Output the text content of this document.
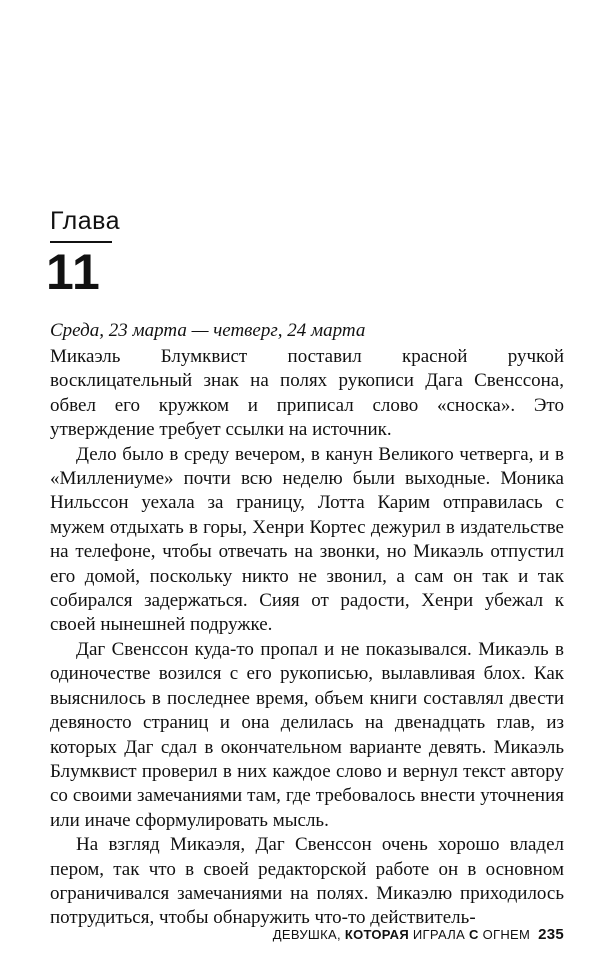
Глава
11
Среда, 23 марта — четверг, 24 марта

Микаэль Блумквист поставил красной ручкой восклицательный знак на полях рукописи Дага Свенссона, обвел его кружком и приписал слово «сноска». Это утверждение требует ссылки на источник.

Дело было в среду вечером, в канун Великого четверга, и в «Миллениуме» почти всю неделю были выходные. Моника Нильссон уехала за границу, Лотта Карим отправилась с мужем отдыхать в горы, Хенри Кортес дежурил в издательстве на телефоне, чтобы отвечать на звонки, но Микаэль отпустил его домой, поскольку никто не звонил, а сам он так и так собирался задержаться. Сияя от радости, Хенри убежал к своей нынешней подружке.

Даг Свенссон куда-то пропал и не показывался. Микаэль в одиночестве возился с его рукописью, вылавливая блох. Как выяснилось в последнее время, объем книги составлял двести девяносто страниц и она делилась на двенадцать глав, из которых Даг сдал в окончательном варианте девять. Микаэль Блумквист проверил в них каждое слово и вернул текст автору со своими замечаниями там, где требовалось внести уточнения или иначе сформулировать мысль.

На взгляд Микаэля, Даг Свенссон очень хорошо владел пером, так что в своей редакторской работе он в основном ограничивался замечаниями на полях. Микаэлю приходилось потрудиться, чтобы обнаружить что-то действитель-

ДЕВУШКА, КОТОРАЯ ИГРАЛА С ОГНЕМ 235
